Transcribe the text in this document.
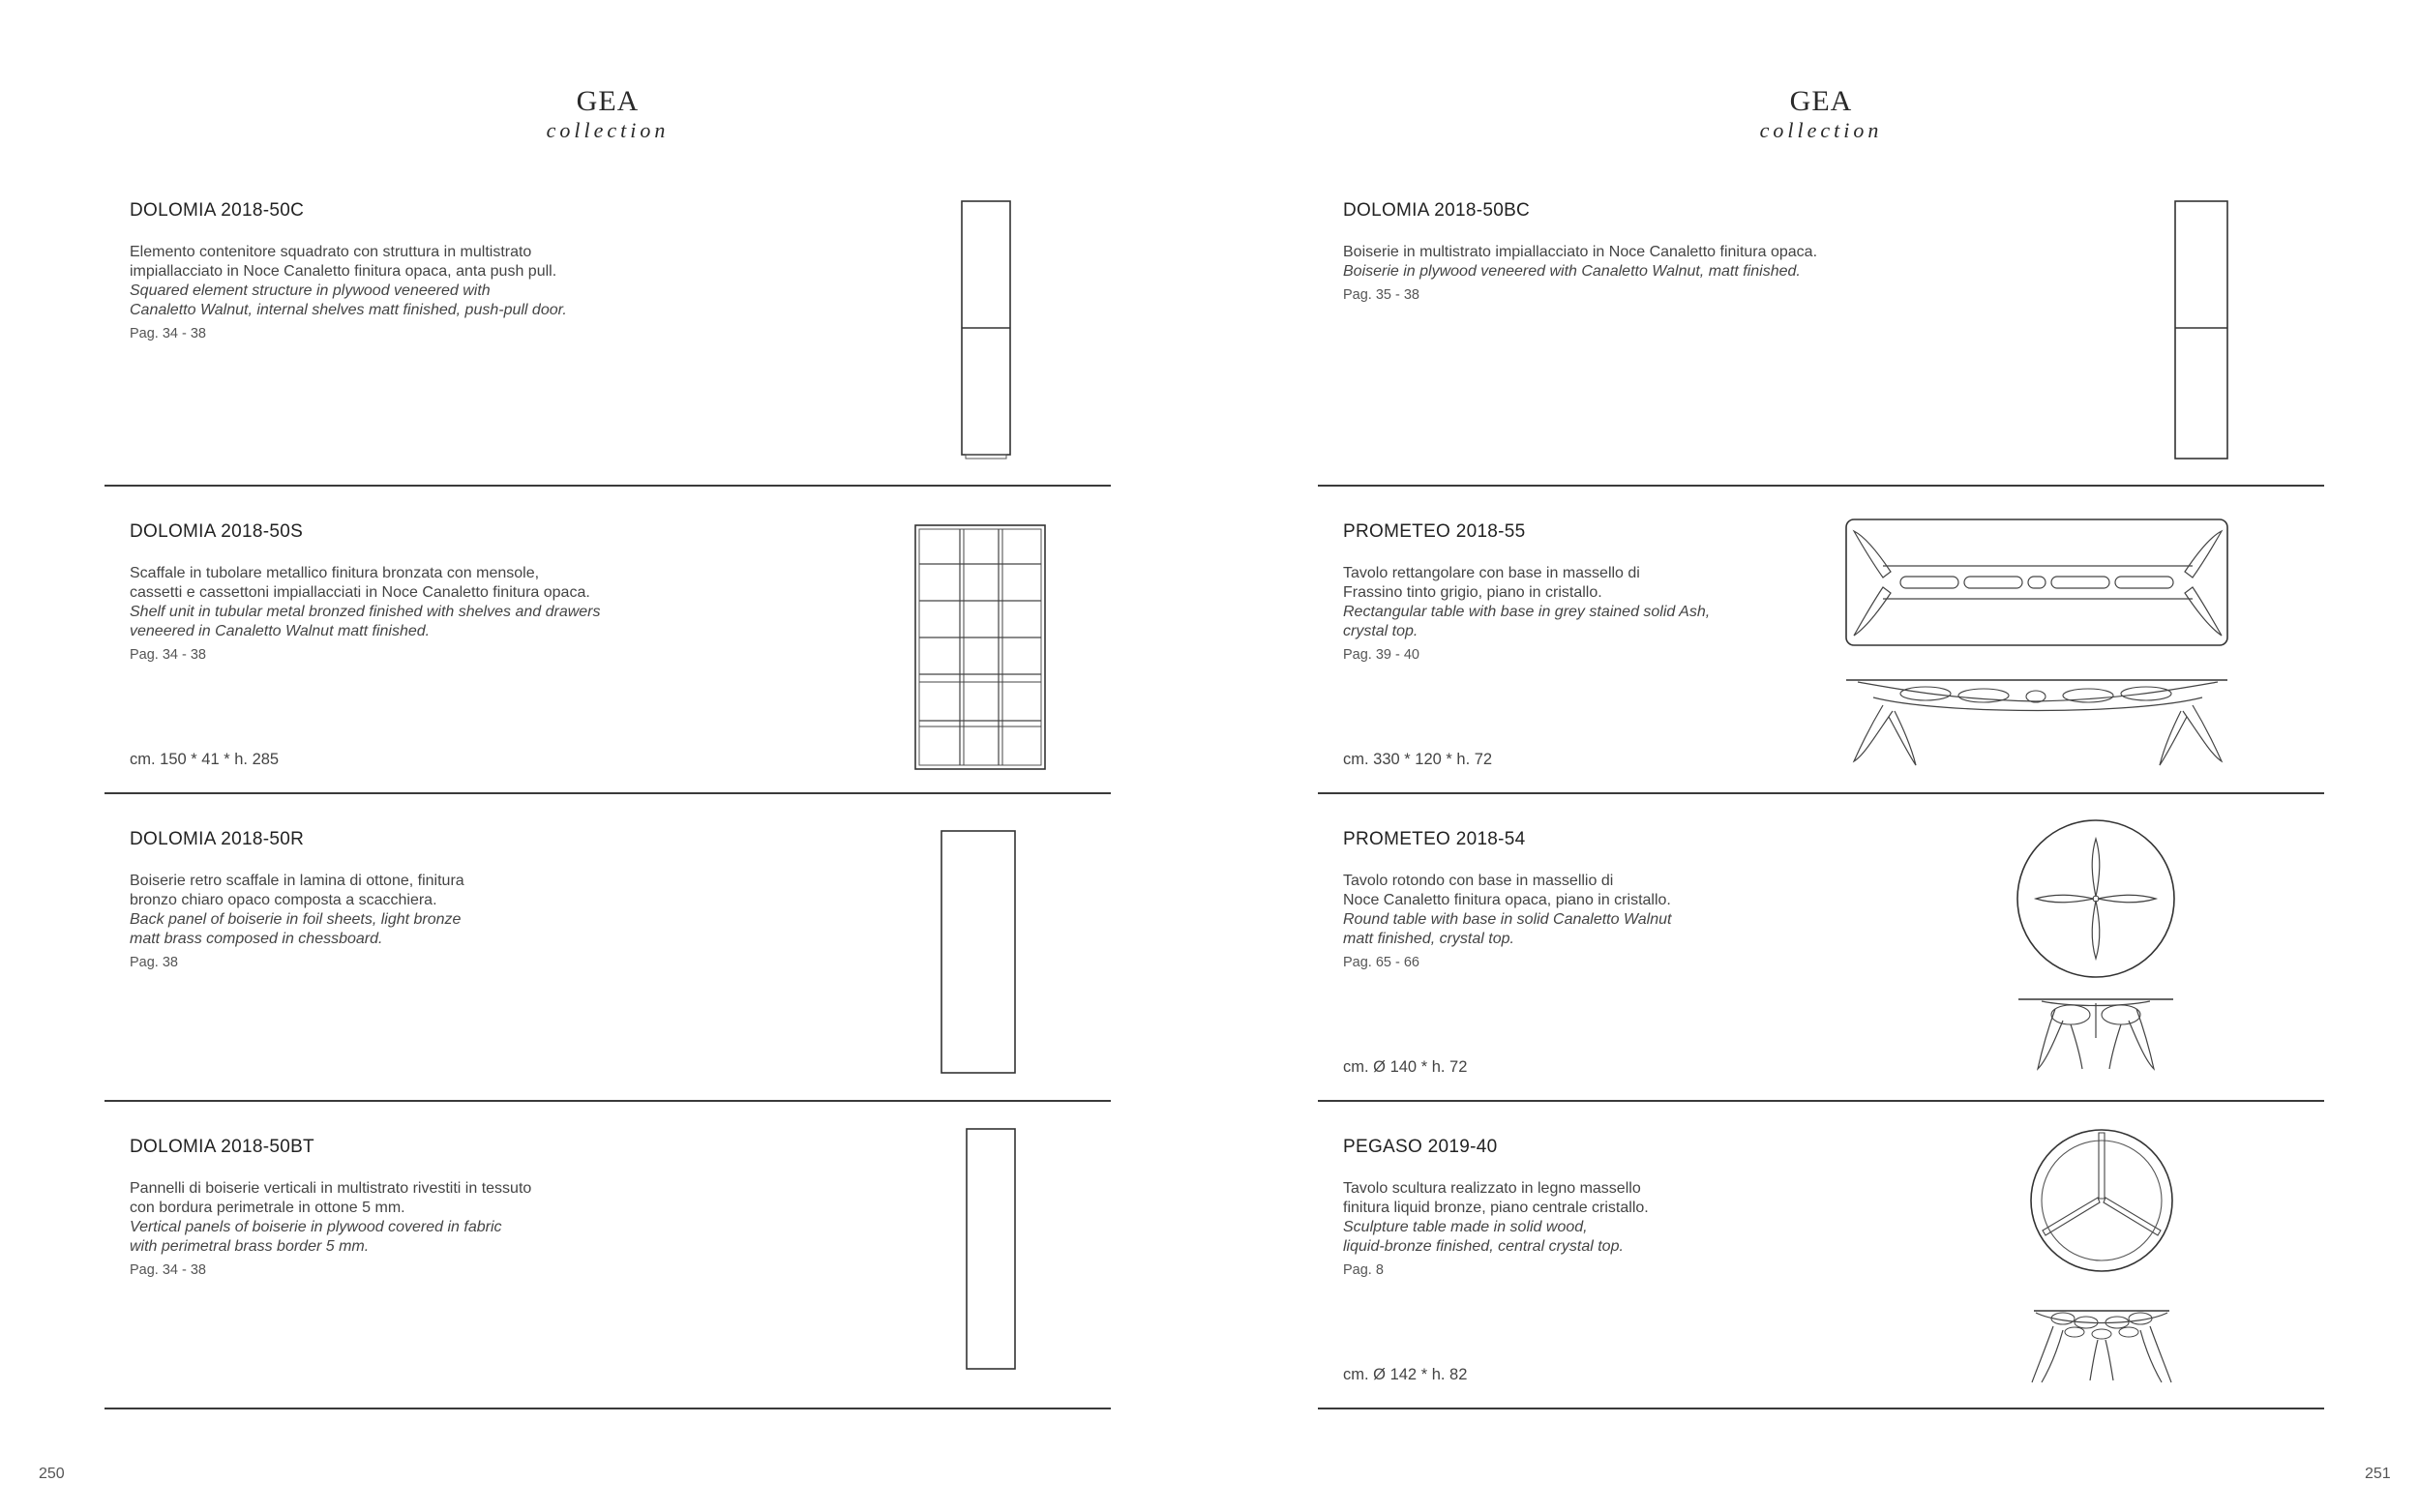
GEA
collection
DOLOMIA 2018-50C
Elemento contenitore squadrato con struttura in multistrato
impiallacciato in Noce Canaletto finitura opaca, anta push pull.
Squared element structure in plywood veneered with
Canaletto Walnut, internal shelves matt finished, push-pull door.
Pag. 34 - 38
DOLOMIA 2018-50S
Scaffale in tubolare metallico finitura bronzata con mensole,
cassetti e cassettoni impiallacciati in Noce Canaletto finitura opaca.
Shelf unit in tubular metal bronzed finished with shelves and drawers
veneered in Canaletto Walnut matt finished.
Pag. 34 - 38
cm. 150 * 41 * h. 285
DOLOMIA 2018-50R
Boiserie retro scaffale in lamina di ottone, finitura
bronzo chiaro opaco composta a scacchiera.
Back panel of boiserie in foil sheets, light bronze
matt brass composed in chessboard.
Pag. 38
DOLOMIA 2018-50BT
Pannelli di boiserie verticali in multistrato rivestiti in tessuto
con bordura perimetrale in ottone 5 mm.
Vertical panels of boiserie in plywood covered in fabric
with perimetral brass border 5 mm.
Pag. 34 - 38
250
GEA
collection
DOLOMIA 2018-50BC
Boiserie in multistrato impiallacciato in Noce Canaletto finitura opaca.
Boiserie in plywood veneered with Canaletto Walnut, matt finished.
Pag. 35 - 38
PROMETEO 2018-55
Tavolo rettangolare con base in massello di
Frassino tinto grigio, piano in cristallo.
Rectangular table with base in grey stained solid Ash,
crystal top.
Pag. 39 - 40
cm. 330 * 120 * h. 72
PROMETEO 2018-54
Tavolo rotondo con base in massellio di
Noce Canaletto finitura opaca, piano in cristallo.
Round table with base in solid Canaletto Walnut
matt finished, crystal top.
Pag. 65 - 66
cm. Ø 140 * h. 72
PEGASO 2019-40
Tavolo scultura realizzato in legno massello
finitura liquid bronze, piano centrale cristallo.
Sculpture table made in solid wood,
liquid-bronze finished, central crystal top.
Pag. 8
cm. Ø 142 * h. 82
251
